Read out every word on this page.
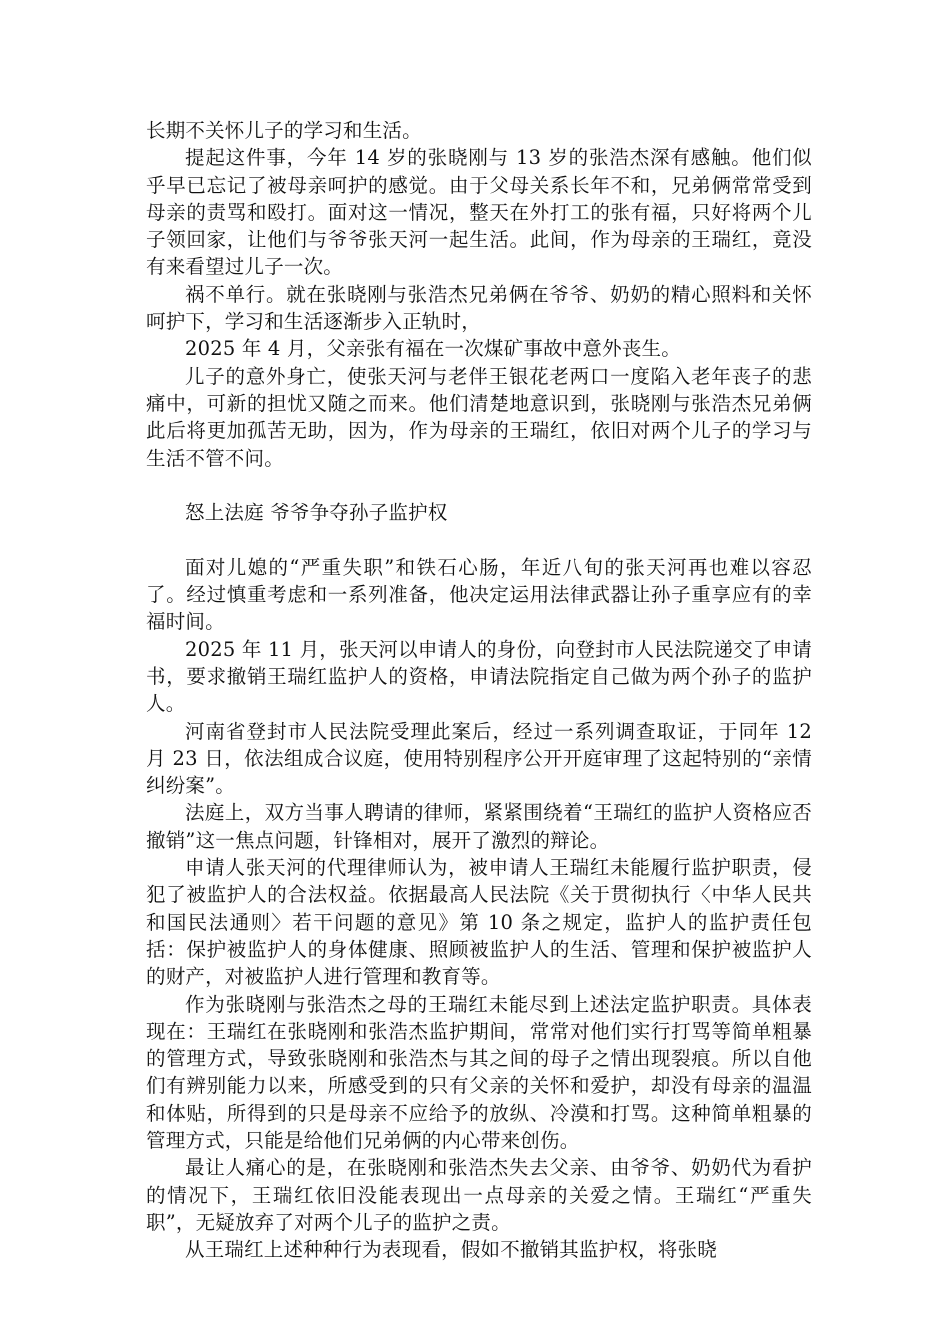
长期不关怀儿子的学习和生活。

提起这件事，今年 14 岁的张晓刚与 13 岁的张浩杰深有感触。他们似乎早已忘记了被母亲呵护的感觉。由于父母关系长年不和，兄弟俩常常受到母亲的责骂和殴打。面对这一情况，整天在外打工的张有福，只好将两个儿子领回家，让他们与爷爷张天河一起生活。此间，作为母亲的王瑞红，竟没有来看望过儿子一次。

祸不单行。就在张晓刚与张浩杰兄弟俩在爷爷、奶奶的精心照料和关怀呵护下，学习和生活逐渐步入正轨时，

2025 年 4 月，父亲张有福在一次煤矿事故中意外丧生。

儿子的意外身亡，使张天河与老伴王银花老两口一度陷入老年丧子的悲痛中，可新的担忧又随之而来。他们清楚地意识到，张晓刚与张浩杰兄弟俩此后将更加孤苦无助，因为，作为母亲的王瑞红，依旧对两个儿子的学习与生活不管不问。

怒上法庭 爷爷争夺孙子监护权

面对儿媳的“严重失职”和铁石心肠，年近八旬的张天河再也难以容忍了。经过慎重考虑和一系列准备，他决定运用法律武器让孙子重享应有的幸福时间。

2025 年 11 月，张天河以申请人的身份，向登封市人民法院递交了申请书，要求撤销王瑞红监护人的资格，申请法院指定自己做为两个孙子的监护人。

河南省登封市人民法院受理此案后，经过一系列调查取证，于同年 12 月 23 日，依法组成合议庭，使用特别程序公开开庭审理了这起特别的“亲情纠纷案”。

法庭上，双方当事人聘请的律师，紧紧围绕着“王瑞红的监护人资格应否撤销”这一焦点问题，针锋相对，展开了激烈的辩论。

申请人张天河的代理律师认为，被申请人王瑞红未能履行监护职责，侵犯了被监护人的合法权益。依据最高人民法院《关于贯彻执行〈中华人民共和国民法通则〉若干问题的意见》第 10 条之规定，监护人的监护责任包括：保护被监护人的身体健康、照顾被监护人的生活、管理和保护被监护人的财产，对被监护人进行管理和教育等。

作为张晓刚与张浩杰之母的王瑞红未能尽到上述法定监护职责。具体表现在：王瑞红在张晓刚和张浩杰监护期间，常常对他们实行打骂等简单粗暴的管理方式，导致张晓刚和张浩杰与其之间的母子之情出现裂痕。所以自他们有辨别能力以来，所感受到的只有父亲的关怀和爱护，却没有母亲的温温和体贴，所得到的只是母亲不应给予的放纵、冷漠和打骂。这种简单粗暴的管理方式，只能是给他们兄弟俩的内心带来创伤。

最让人痛心的是，在张晓刚和张浩杰失去父亲、由爷爷、奶奶代为看护的情况下，王瑞红依旧没能表现出一点母亲的关爱之情。王瑞红“严重失职”，无疑放弃了对两个儿子的监护之责。

从王瑞红上述种种行为表现看，假如不撤销其监护权，将张晓
